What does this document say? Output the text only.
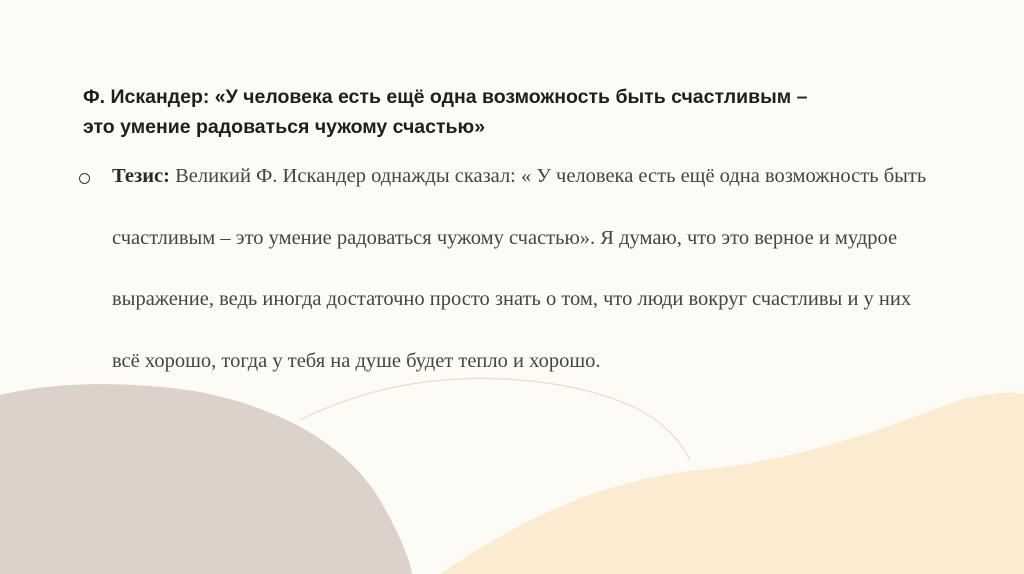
Ф. Искандер: «У человека есть ещё одна возможность быть счастливым –
это умение радоваться чужому счастью»

Тезис: Великий Ф. Искандер однажды сказал: « У человека есть ещё одна возможность быть счастливым – это умение радоваться чужому счастью». Я думаю, что это верное и мудрое выражение, ведь иногда достаточно просто знать о том, что люди вокруг счастливы и у них всё хорошо, тогда у тебя на душе будет тепло и хорошо.
